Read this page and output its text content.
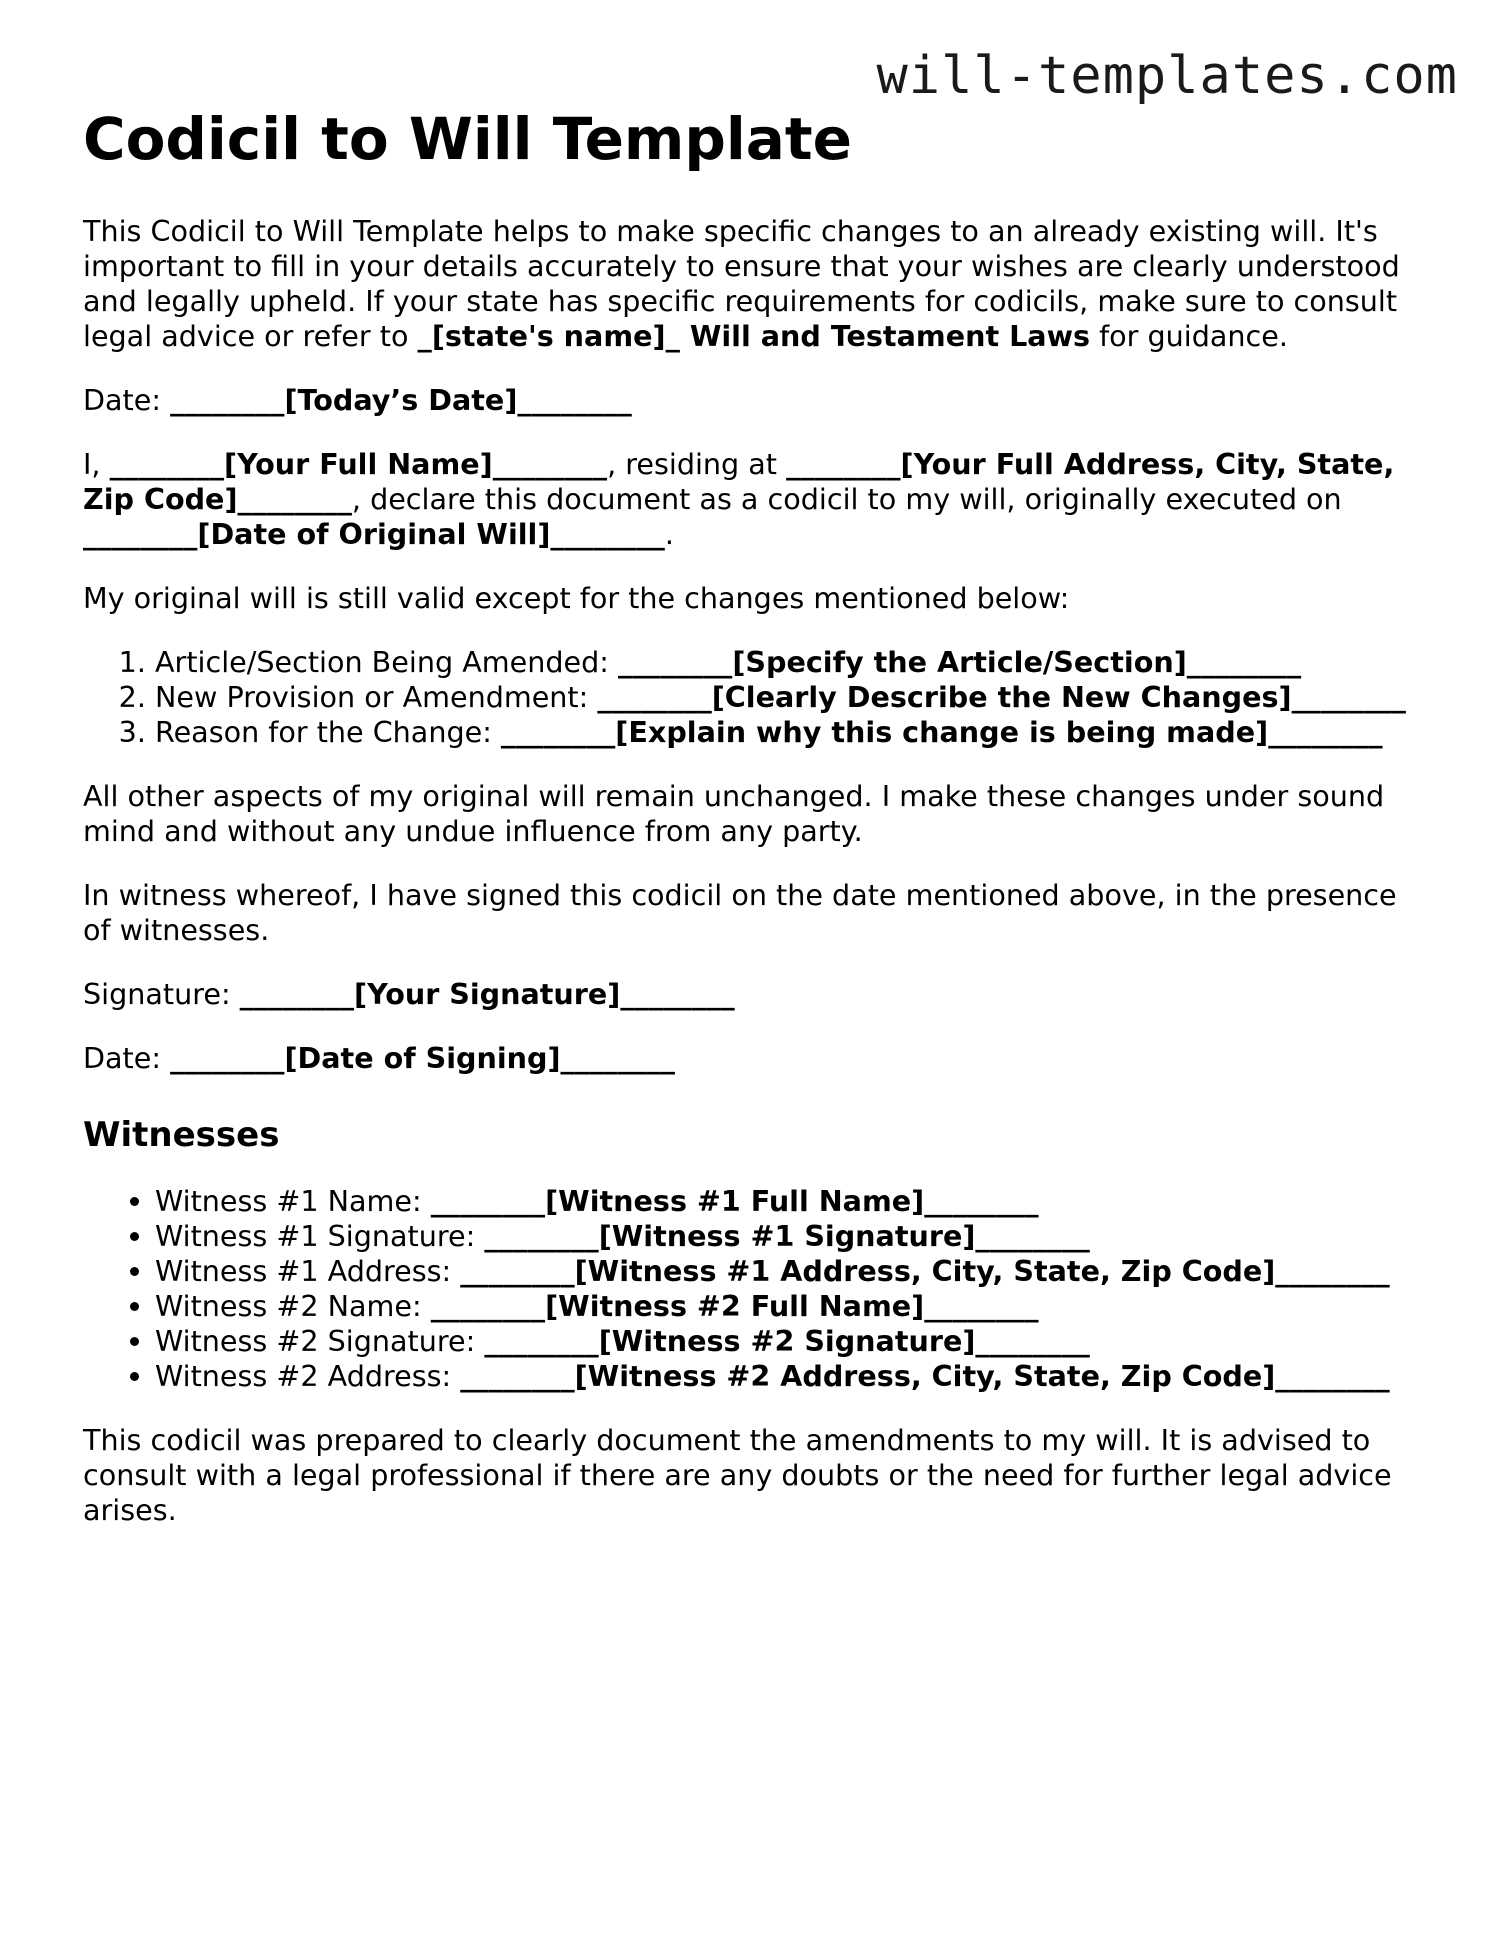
will-templates.com
Codicil to Will Template

This Codicil to Will Template helps to make specific changes to an already existing will. It's important to fill in your details accurately to ensure that your wishes are clearly understood and legally upheld. If your state has specific requirements for codicils, make sure to consult legal advice or refer to _[state's name]_ Will and Testament Laws for guidance.

Date: ________[Today’s Date]________

I, ________[Your Full Name]________, residing at ________[Your Full Address, City, State, Zip Code]________, declare this document as a codicil to my will, originally executed on ________[Date of Original Will]________.

My original will is still valid except for the changes mentioned below:

1. Article/Section Being Amended: ________[Specify the Article/Section]________
2. New Provision or Amendment: ________[Clearly Describe the New Changes]________
3. Reason for the Change: ________[Explain why this change is being made]________

All other aspects of my original will remain unchanged. I make these changes under sound mind and without any undue influence from any party.

In witness whereof, I have signed this codicil on the date mentioned above, in the presence of witnesses.

Signature: ________[Your Signature]________

Date: ________[Date of Signing]________

Witnesses
• Witness #1 Name: ________[Witness #1 Full Name]________
• Witness #1 Signature: ________[Witness #1 Signature]________
• Witness #1 Address: ________[Witness #1 Address, City, State, Zip Code]________
• Witness #2 Name: ________[Witness #2 Full Name]________
• Witness #2 Signature: ________[Witness #2 Signature]________
• Witness #2 Address: ________[Witness #2 Address, City, State, Zip Code]________

This codicil was prepared to clearly document the amendments to my will. It is advised to consult with a legal professional if there are any doubts or the need for further legal advice arises.
